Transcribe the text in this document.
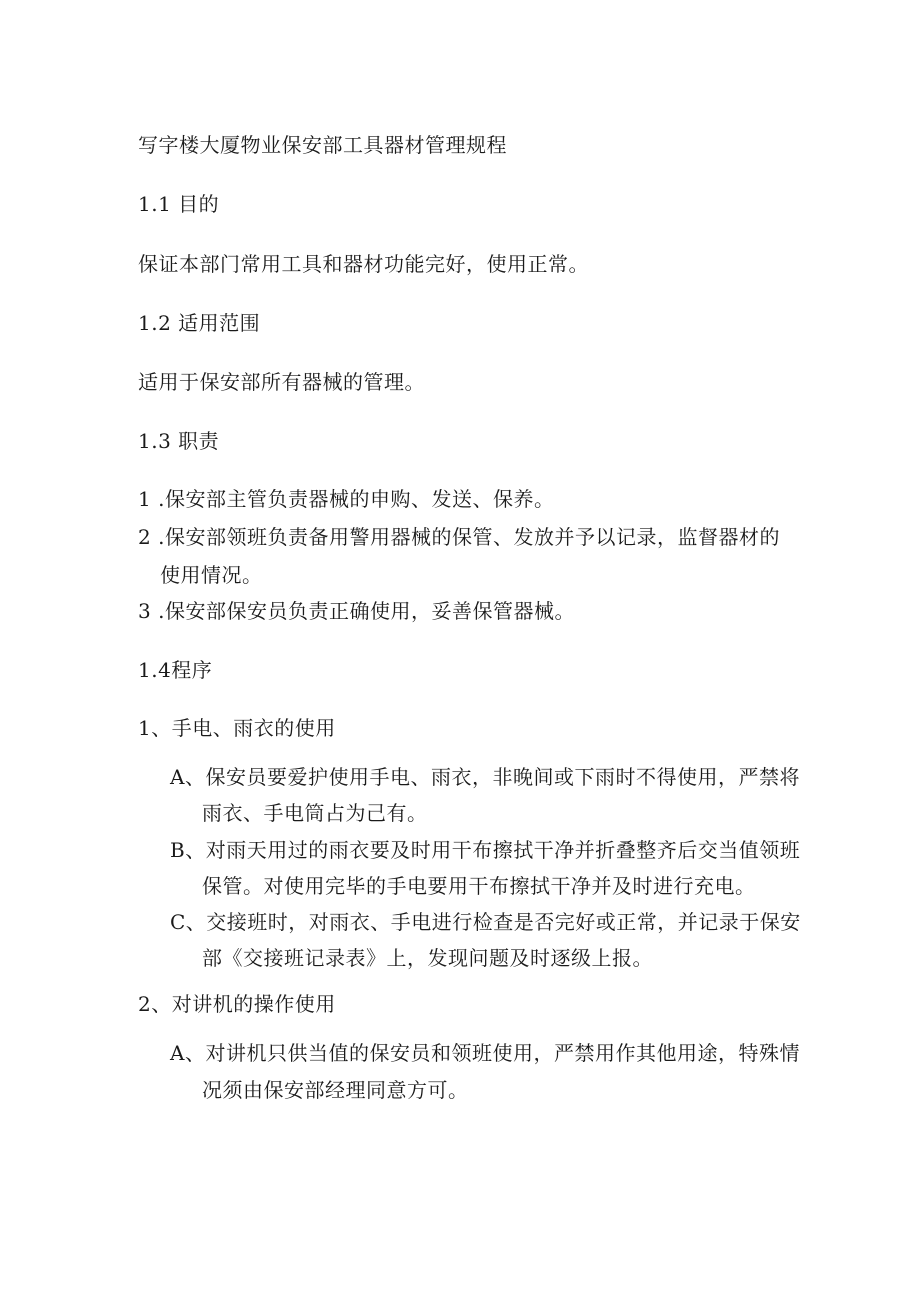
写字楼大厦物业保安部工具器材管理规程
1.1 目的
保证本部门常用工具和器材功能完好，使用正常。
1.2 适用范围
适用于保安部所有器械的管理。
1.3 职责
1 .保安部主管负责器械的申购、发送、保养。
2 .保安部领班负责备用警用器械的保管、发放并予以记录，监督器材的
使用情况。
3 .保安部保安员负责正确使用，妥善保管器械。
1.4程序
1、手电、雨衣的使用
A、保安员要爱护使用手电、雨衣，非晚间或下雨时不得使用，严禁将
雨衣、手电筒占为己有。
B、对雨天用过的雨衣要及时用干布擦拭干净并折叠整齐后交当值领班
保管。对使用完毕的手电要用干布擦拭干净并及时进行充电。
C、交接班时，对雨衣、手电进行检查是否完好或正常，并记录于保安
部《交接班记录表》上，发现问题及时逐级上报。
2、对讲机的操作使用
A、对讲机只供当值的保安员和领班使用，严禁用作其他用途，特殊情
况须由保安部经理同意方可。
